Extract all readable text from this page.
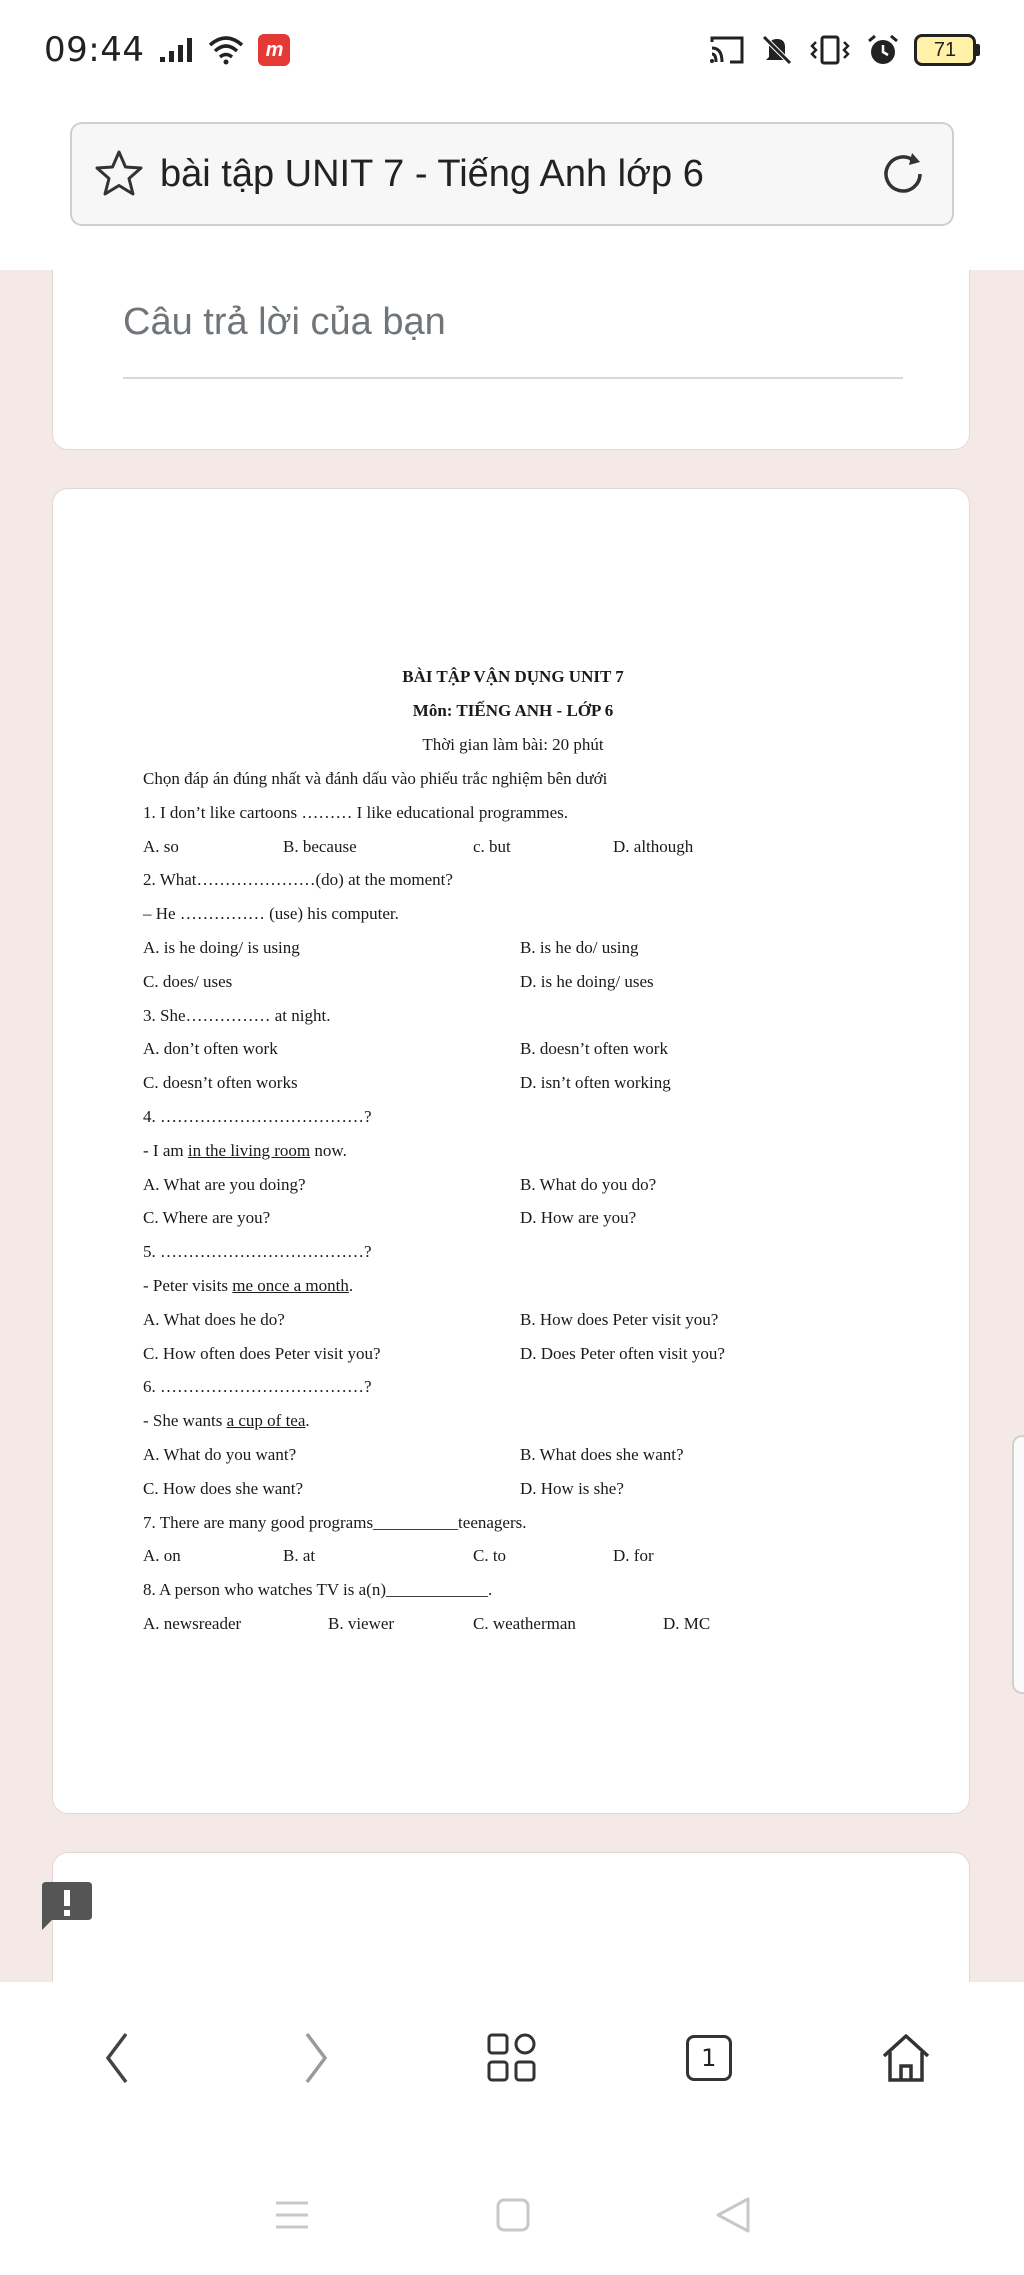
09:44	m	71
bài tập UNIT 7 - Tiếng Anh lớp 6
Câu trả lời của bạn
BÀI TẬP VẬN DỤNG UNIT 7
Môn: TIẾNG ANH - LỚP 6
Thời gian làm bài: 20 phút
Chọn đáp án đúng nhất và đánh dấu vào phiếu trắc nghiệm bên dưới
1. I don’t like cartoons ……… I like educational programmes.
A. so	B. because	c. but	D. although
2. What…………………(do) at the moment?
– He …………… (use) his computer.
A. is he doing/ is using	B. is he do/ using
C. does/ uses	D. is he doing/ uses
3. She…………… at night.
A. don’t often work	B. doesn’t often work
C. doesn’t often works	D. isn’t often working
4. ………………………………?
- I am in the living room now.
A. What are you doing?	B. What do you do?
C. Where are you?	D. How are you?
5. ………………………………?
- Peter visits me once a month.
A. What does he do?	B. How does Peter visit you?
C. How often does Peter visit you?	D. Does Peter often visit you?
6. ………………………………?
- She wants a cup of tea.
A. What do you want?	B. What does she want?
C. How does she want?	D. How is she?
7. There are many good programs__________teenagers.
A. on	B. at	C. to	D. for
8. A person who watches TV is a(n)____________.
A. newsreader	B. viewer	C. weatherman	D. MC
1
